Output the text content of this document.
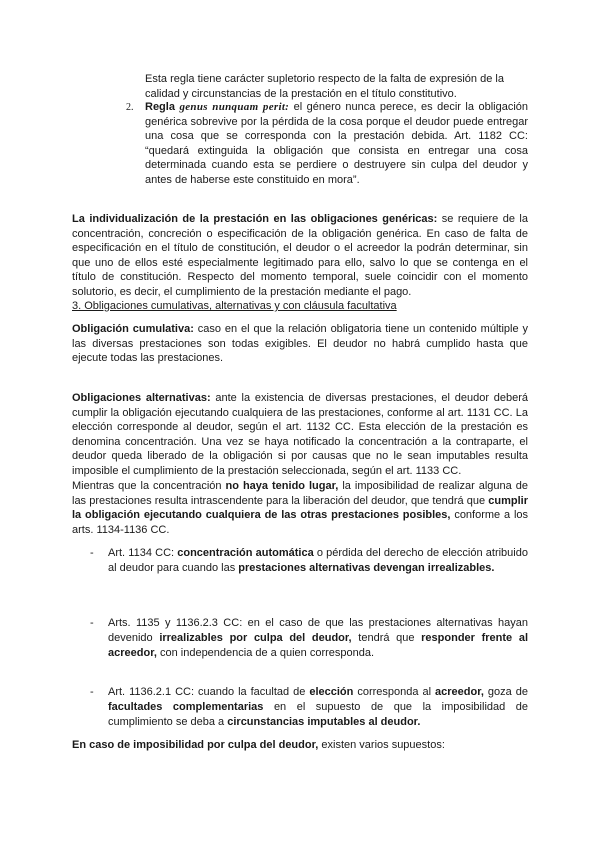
Esta regla tiene carácter supletorio respecto de la falta de expresión de la calidad y circunstancias de la prestación en el título constitutivo.

2. Regla genus nunquam perit: el género nunca perece, es decir la obligación genérica sobrevive por la pérdida de la cosa porque el deudor puede entregar una cosa que se corresponda con la prestación debida. Art. 1182 CC: “quedará extinguida la obligación que consista en entregar una cosa determinada cuando esta se perdiere o destruyere sin culpa del deudor y antes de haberse este constituido en mora”.

La individualización de la prestación en las obligaciones genéricas: se requiere de la concentración, concreción o especificación de la obligación genérica. En caso de falta de especificación en el título de constitución, el deudor o el acreedor la podrán determinar, sin que uno de ellos esté especialmente legitimado para ello, salvo lo que se contenga en el título de constitución. Respecto del momento temporal, suele coincidir con el momento solutorio, es decir, el cumplimiento de la prestación mediante el pago.

3. Obligaciones cumulativas, alternativas y con cláusula facultativa

Obligación cumulativa: caso en el que la relación obligatoria tiene un contenido múltiple y las diversas prestaciones son todas exigibles. El deudor no habrá cumplido hasta que ejecute todas las prestaciones.

Obligaciones alternativas: ante la existencia de diversas prestaciones, el deudor deberá cumplir la obligación ejecutando cualquiera de las prestaciones, conforme al art. 1131 CC. La elección corresponde al deudor, según el art. 1132 CC. Esta elección de la prestación es denomina concentración. Una vez se haya notificado la concentración a la contraparte, el deudor queda liberado de la obligación si por causas que no le sean imputables resulta imposible el cumplimiento de la prestación seleccionada, según el art. 1133 CC.

Mientras que la concentración no haya tenido lugar, la imposibilidad de realizar alguna de las prestaciones resulta intrascendente para la liberación del deudor, que tendrá que cumplir la obligación ejecutando cualquiera de las otras prestaciones posibles, conforme a los arts. 1134-1136 CC.

- Art. 1134 CC: concentración automática o pérdida del derecho de elección atribuido al deudor para cuando las prestaciones alternativas devengan irrealizables.

- Arts. 1135 y 1136.2.3 CC: en el caso de que las prestaciones alternativas hayan devenido irrealizables por culpa del deudor, tendrá que responder frente al acreedor, con independencia de a quien corresponda.

- Art. 1136.2.1 CC: cuando la facultad de elección corresponda al acreedor, goza de facultades complementarias en el supuesto de que la imposibilidad de cumplimiento se deba a circunstancias imputables al deudor.

En caso de imposibilidad por culpa del deudor, existen varios supuestos:
